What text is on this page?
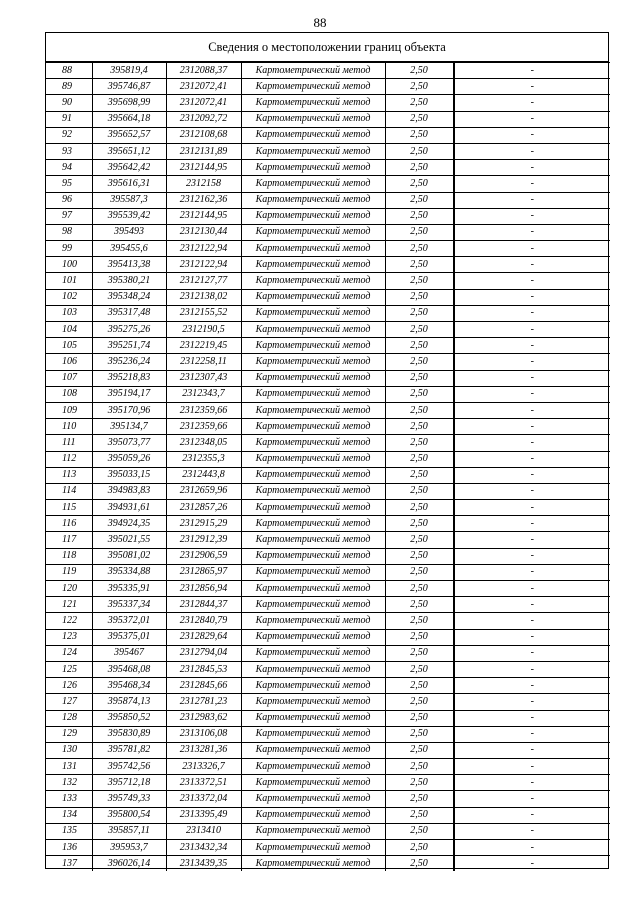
88
Сведения о местоположении границ объекта
88	395819,4	2312088,37	Картометрический метод	2,50		-
89	395746,87	2312072,41	Картометрический метод	2,50		-
90	395698,99	2312072,41	Картометрический метод	2,50		-
91	395664,18	2312092,72	Картометрический метод	2,50		-
92	395652,57	2312108,68	Картометрический метод	2,50		-
93	395651,12	2312131,89	Картометрический метод	2,50		-
94	395642,42	2312144,95	Картометрический метод	2,50		-
95	395616,31	2312158	Картометрический метод	2,50		-
96	395587,3	2312162,36	Картометрический метод	2,50		-
97	395539,42	2312144,95	Картометрический метод	2,50		-
98	395493	2312130,44	Картометрический метод	2,50		-
99	395455,6	2312122,94	Картометрический метод	2,50		-
100	395413,38	2312122,94	Картометрический метод	2,50		-
101	395380,21	2312127,77	Картометрический метод	2,50		-
102	395348,24	2312138,02	Картометрический метод	2,50		-
103	395317,48	2312155,52	Картометрический метод	2,50		-
104	395275,26	2312190,5	Картометрический метод	2,50		-
105	395251,74	2312219,45	Картометрический метод	2,50		-
106	395236,24	2312258,11	Картометрический метод	2,50		-
107	395218,83	2312307,43	Картометрический метод	2,50		-
108	395194,17	2312343,7	Картометрический метод	2,50		-
109	395170,96	2312359,66	Картометрический метод	2,50		-
110	395134,7	2312359,66	Картометрический метод	2,50		-
111	395073,77	2312348,05	Картометрический метод	2,50		-
112	395059,26	2312355,3	Картометрический метод	2,50		-
113	395033,15	2312443,8	Картометрический метод	2,50		-
114	394983,83	2312659,96	Картометрический метод	2,50		-
115	394931,61	2312857,26	Картометрический метод	2,50		-
116	394924,35	2312915,29	Картометрический метод	2,50		-
117	395021,55	2312912,39	Картометрический метод	2,50		-
118	395081,02	2312906,59	Картометрический метод	2,50		-
119	395334,88	2312865,97	Картометрический метод	2,50		-
120	395335,91	2312856,94	Картометрический метод	2,50		-
121	395337,34	2312844,37	Картометрический метод	2,50		-
122	395372,01	2312840,79	Картометрический метод	2,50		-
123	395375,01	2312829,64	Картометрический метод	2,50		-
124	395467	2312794,04	Картометрический метод	2,50		-
125	395468,08	2312845,53	Картометрический метод	2,50		-
126	395468,34	2312845,66	Картометрический метод	2,50		-
127	395874,13	2312781,23	Картометрический метод	2,50		-
128	395850,52	2312983,62	Картометрический метод	2,50		-
129	395830,89	2313106,08	Картометрический метод	2,50		-
130	395781,82	2313281,36	Картометрический метод	2,50		-
131	395742,56	2313326,7	Картометрический метод	2,50		-
132	395712,18	2313372,51	Картометрический метод	2,50		-
133	395749,33	2313372,04	Картометрический метод	2,50		-
134	395800,54	2313395,49	Картометрический метод	2,50		-
135	395857,11	2313410	Картометрический метод	2,50		-
136	395953,7	2313432,34	Картометрический метод	2,50		-
137	396026,14	2313439,35	Картометрический метод	2,50		-
